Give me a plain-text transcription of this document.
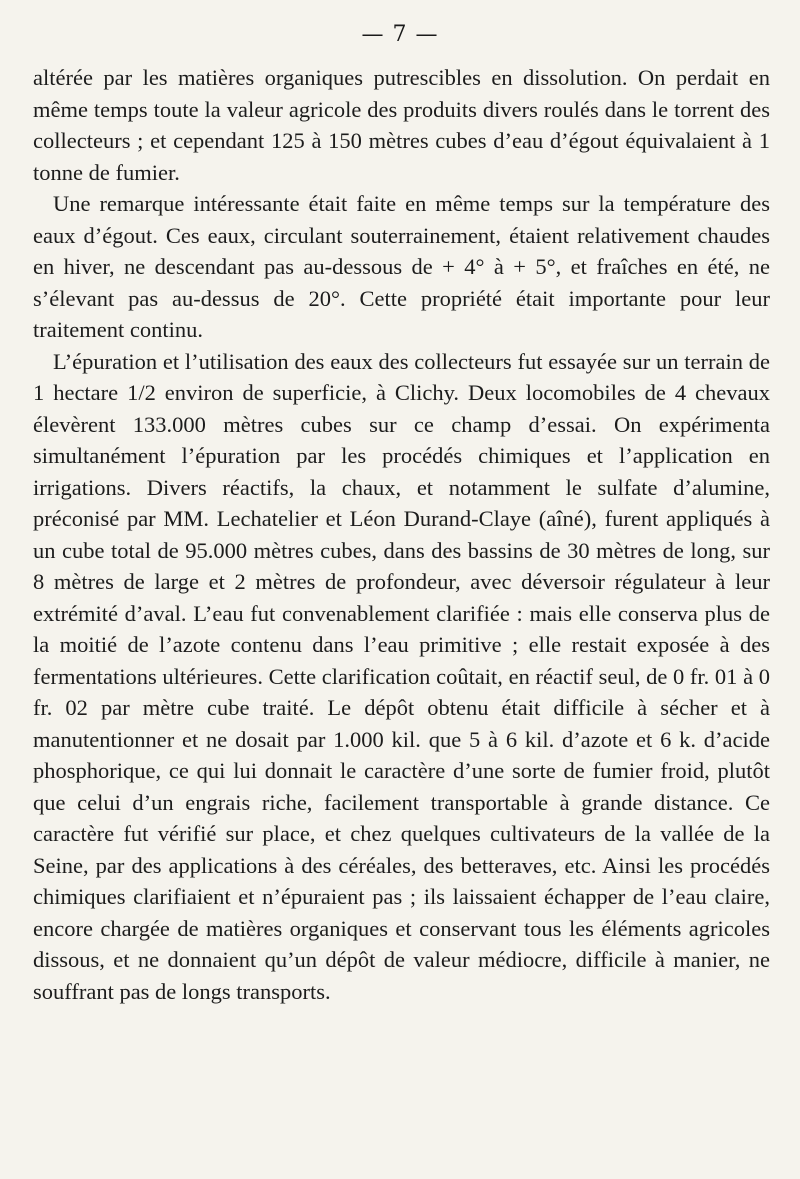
— 7 —

altérée par les matières organiques putrescibles en dissolution. On perdait en même temps toute la valeur agricole des produits divers roulés dans le torrent des collecteurs ; et cependant 125 à 150 mètres cubes d’eau d’égout équivalaient à 1 tonne de fumier.

Une remarque intéressante était faite en même temps sur la température des eaux d’égout. Ces eaux, circulant souterrainement, étaient relativement chaudes en hiver, ne descendant pas au-dessous de + 4° à + 5°, et fraîches en été, ne s’élevant pas au-dessus de 20°. Cette propriété était importante pour leur traitement continu.

L’épuration et l’utilisation des eaux des collecteurs fut essayée sur un terrain de 1 hectare 1/2 environ de superficie, à Clichy. Deux locomobiles de 4 chevaux élevèrent 133.000 mètres cubes sur ce champ d’essai. On expérimenta simultanément l’épuration par les procédés chimiques et l’application en irrigations. Divers réactifs, la chaux, et notamment le sulfate d’alumine, préconisé par MM. Lechatelier et Léon Durand-Claye (aîné), furent appliqués à un cube total de 95.000 mètres cubes, dans des bassins de 30 mètres de long, sur 8 mètres de large et 2 mètres de profondeur, avec déversoir régulateur à leur extrémité d’aval. L’eau fut convenablement clarifiée : mais elle conserva plus de la moitié de l’azote contenu dans l’eau primitive ; elle restait exposée à des fermentations ultérieures. Cette clarification coûtait, en réactif seul, de 0 fr. 01 à 0 fr. 02 par mètre cube traité. Le dépôt obtenu était difficile à sécher et à manutentionner et ne dosait par 1.000 kil. que 5 à 6 kil. d’azote et 6 k. d’acide phosphorique, ce qui lui donnait le caractère d’une sorte de fumier froid, plutôt que celui d’un engrais riche, facilement transportable à grande distance. Ce caractère fut vérifié sur place, et chez quelques cultivateurs de la vallée de la Seine, par des applications à des céréales, des betteraves, etc. Ainsi les procédés chimiques clarifiaient et n’épuraient pas ; ils laissaient échapper de l’eau claire, encore chargée de matières organiques et conservant tous les éléments agricoles dissous, et ne donnaient qu’un dépôt de valeur médiocre, difficile à manier, ne souffrant pas de longs transports.
